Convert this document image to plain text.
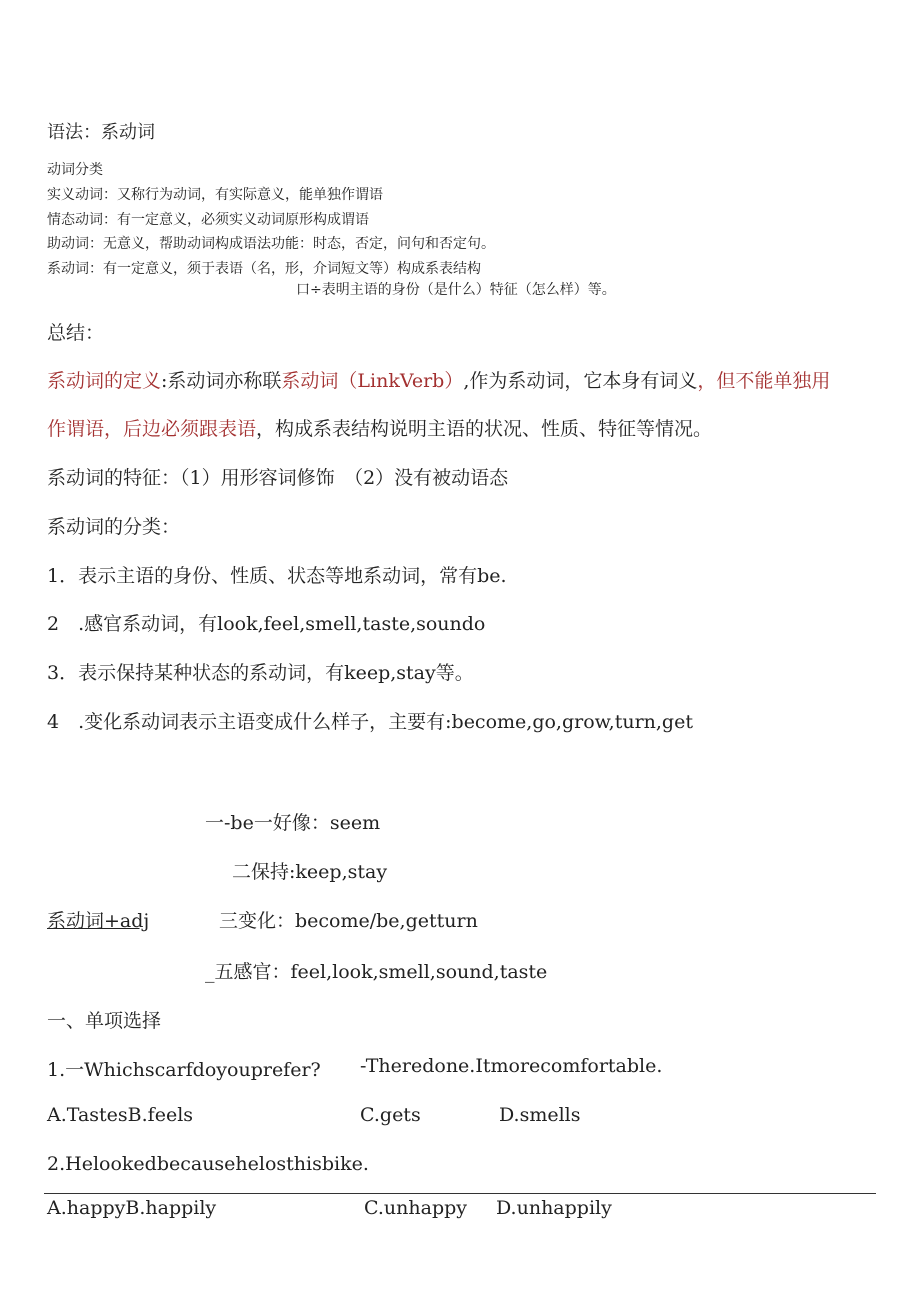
语法：系动词
动词分类
实义动词：又称行为动词，有实际意义，能单独作谓语
情态动词：有一定意义，必须实义动词原形构成谓语
助动词：无意义，帮助动词构成语法功能：时态，否定，问句和否定句。
系动词：有一定意义，须于表语（名，形，介词短文等）构成系表结构
口÷表明主语的身份（是什么）特征（怎么样）等。
总结：
系动词的定义:系动词亦称联系动词（LinkVerb）,作为系动词，它本身有词义，但不能单独用
作谓语，后边必须跟表语，构成系表结构说明主语的状况、性质、特征等情况。
系动词的特征：（1）用形容词修饰　（2）没有被动语态
系动词的分类：
1．表示主语的身份、性质、状态等地系动词，常有be.
2　.感官系动词，有look,feel,smell,taste,soundo
3．表示保持某种状态的系动词，有keep,stay等。
4　.变化系动词表示主语变成什么样子，主要有:become,go,grow,turn,get
一-be一好像：seem
二保持:keep,stay
系动词+adj	三变化：become/be,getturn
_五感官：feel,look,smell,sound,taste
一、单项选择
1.一Whichscarfdoyouprefer? -Theredone.Itmorecomfortable.
A.TastesB.feels	C.gets	D.smells
2.Helookedbecausehelosthisbike.
A.happyB.happily	C.unhappy D.unhappily
